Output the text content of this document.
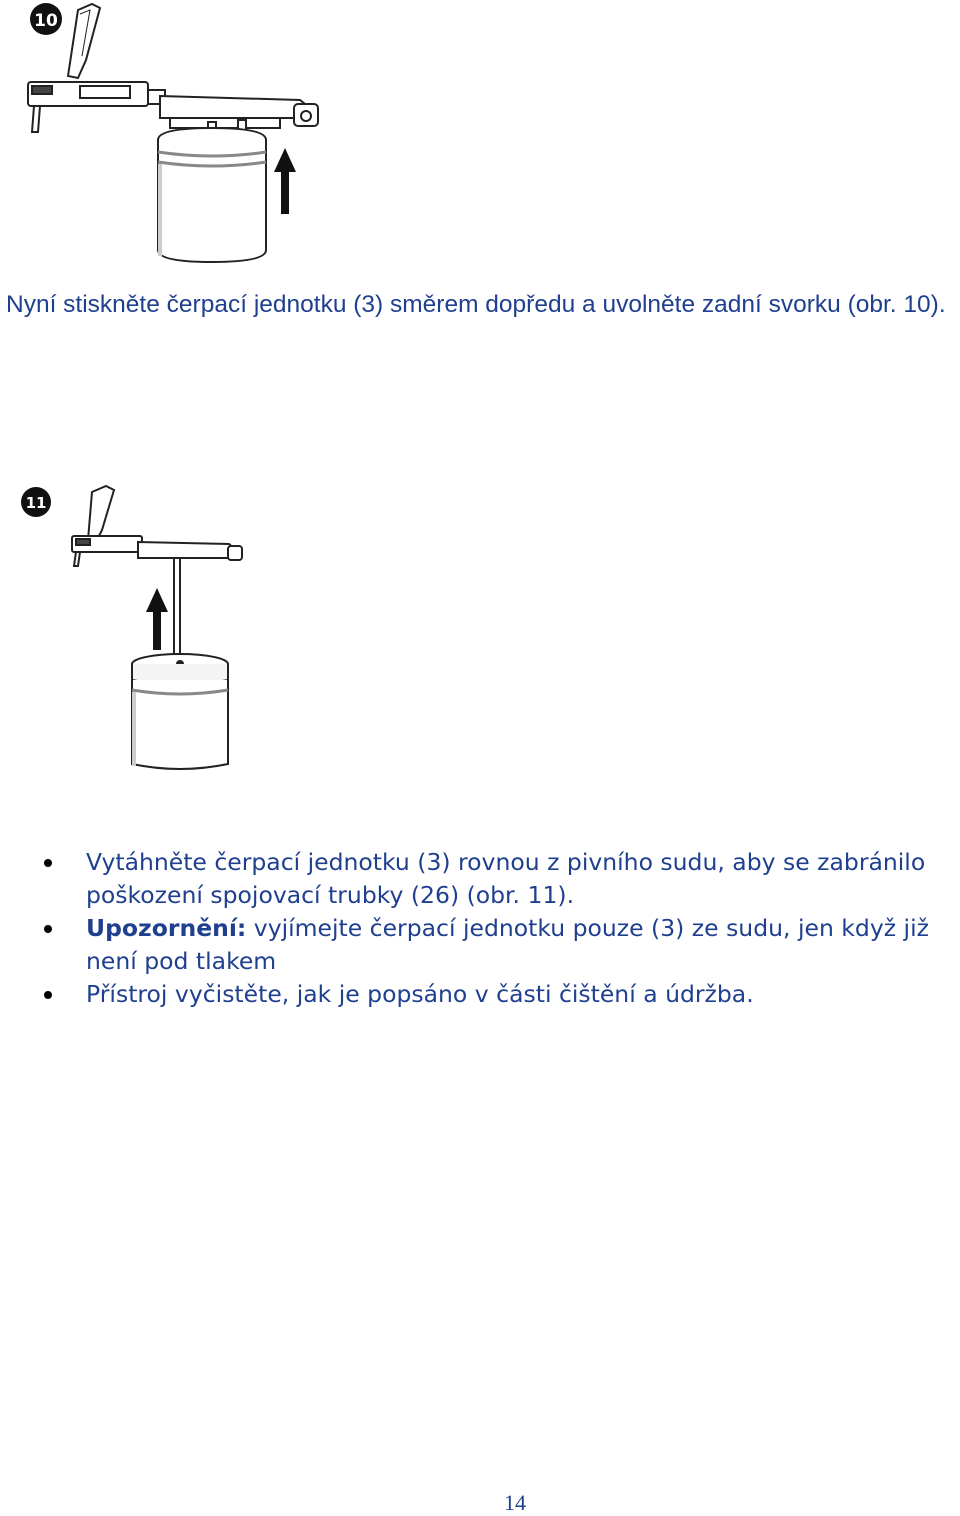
10

Nyní stiskněte čerpací jednotku (3) směrem dopředu a uvolněte zadní svorku (obr. 10).

11
Vytáhněte čerpací jednotku (3) rovnou z pivního sudu, aby se zabránilo poškození spojovací trubky (26) (obr. 11).
Upozornění: vyjímejte čerpací jednotku pouze (3) ze sudu, jen když již není pod tlakem
Přístroj vyčistěte, jak je popsáno v části čištění a údržba.
14
